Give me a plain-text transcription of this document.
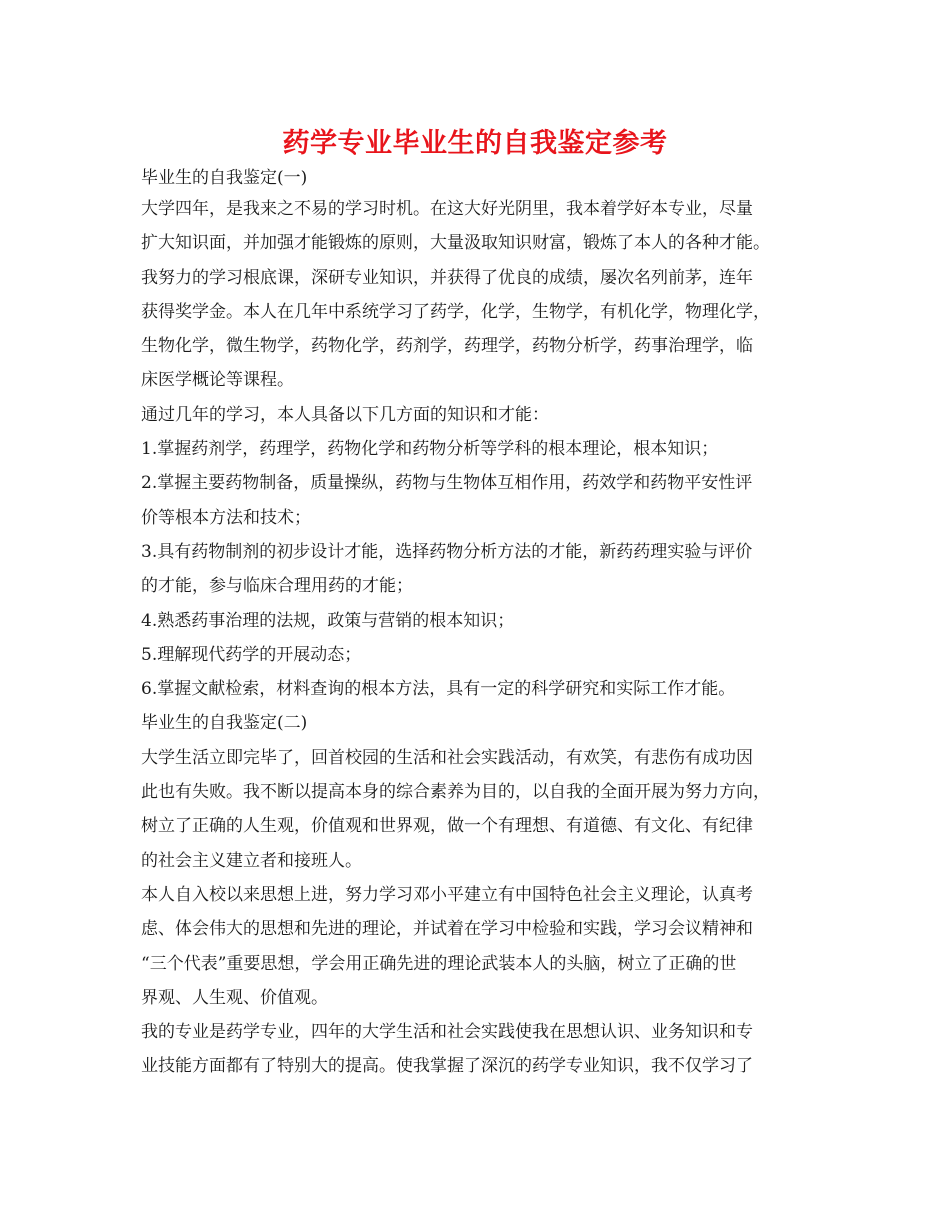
药学专业毕业生的自我鉴定参考
毕业生的自我鉴定(一)
大学四年，是我来之不易的学习时机。在这大好光阴里，我本着学好本专业，尽量
扩大知识面，并加强才能锻炼的原则，大量汲取知识财富，锻炼了本人的各种才能。
我努力的学习根底课，深研专业知识，并获得了优良的成绩，屡次名列前茅，连年
获得奖学金。本人在几年中系统学习了药学，化学，生物学，有机化学，物理化学，
生物化学，微生物学，药物化学，药剂学，药理学，药物分析学，药事治理学，临
床医学概论等课程。
通过几年的学习，本人具备以下几方面的知识和才能：
1.掌握药剂学，药理学，药物化学和药物分析等学科的根本理论，根本知识；
2.掌握主要药物制备，质量操纵，药物与生物体互相作用，药效学和药物平安性评
价等根本方法和技术；
3.具有药物制剂的初步设计才能，选择药物分析方法的才能，新药药理实验与评价
的才能，参与临床合理用药的才能；
4.熟悉药事治理的法规，政策与营销的根本知识；
5.理解现代药学的开展动态；
6.掌握文献检索，材料查询的根本方法，具有一定的科学研究和实际工作才能。
毕业生的自我鉴定(二)
大学生活立即完毕了，回首校园的生活和社会实践活动，有欢笑，有悲伤有成功因
此也有失败。我不断以提高本身的综合素养为目的，以自我的全面开展为努力方向，
树立了正确的人生观，价值观和世界观，做一个有理想、有道德、有文化、有纪律
的社会主义建立者和接班人。
本人自入校以来思想上进，努力学习邓小平建立有中国特色社会主义理论，认真考
虑、体会伟大的思想和先进的理论，并试着在学习中检验和实践，学习会议精神和
“三个代表”重要思想，学会用正确先进的理论武装本人的头脑，树立了正确的世
界观、人生观、价值观。
我的专业是药学专业，四年的大学生活和社会实践使我在思想认识、业务知识和专
业技能方面都有了特别大的提高。使我掌握了深沉的药学专业知识，我不仅学习了
